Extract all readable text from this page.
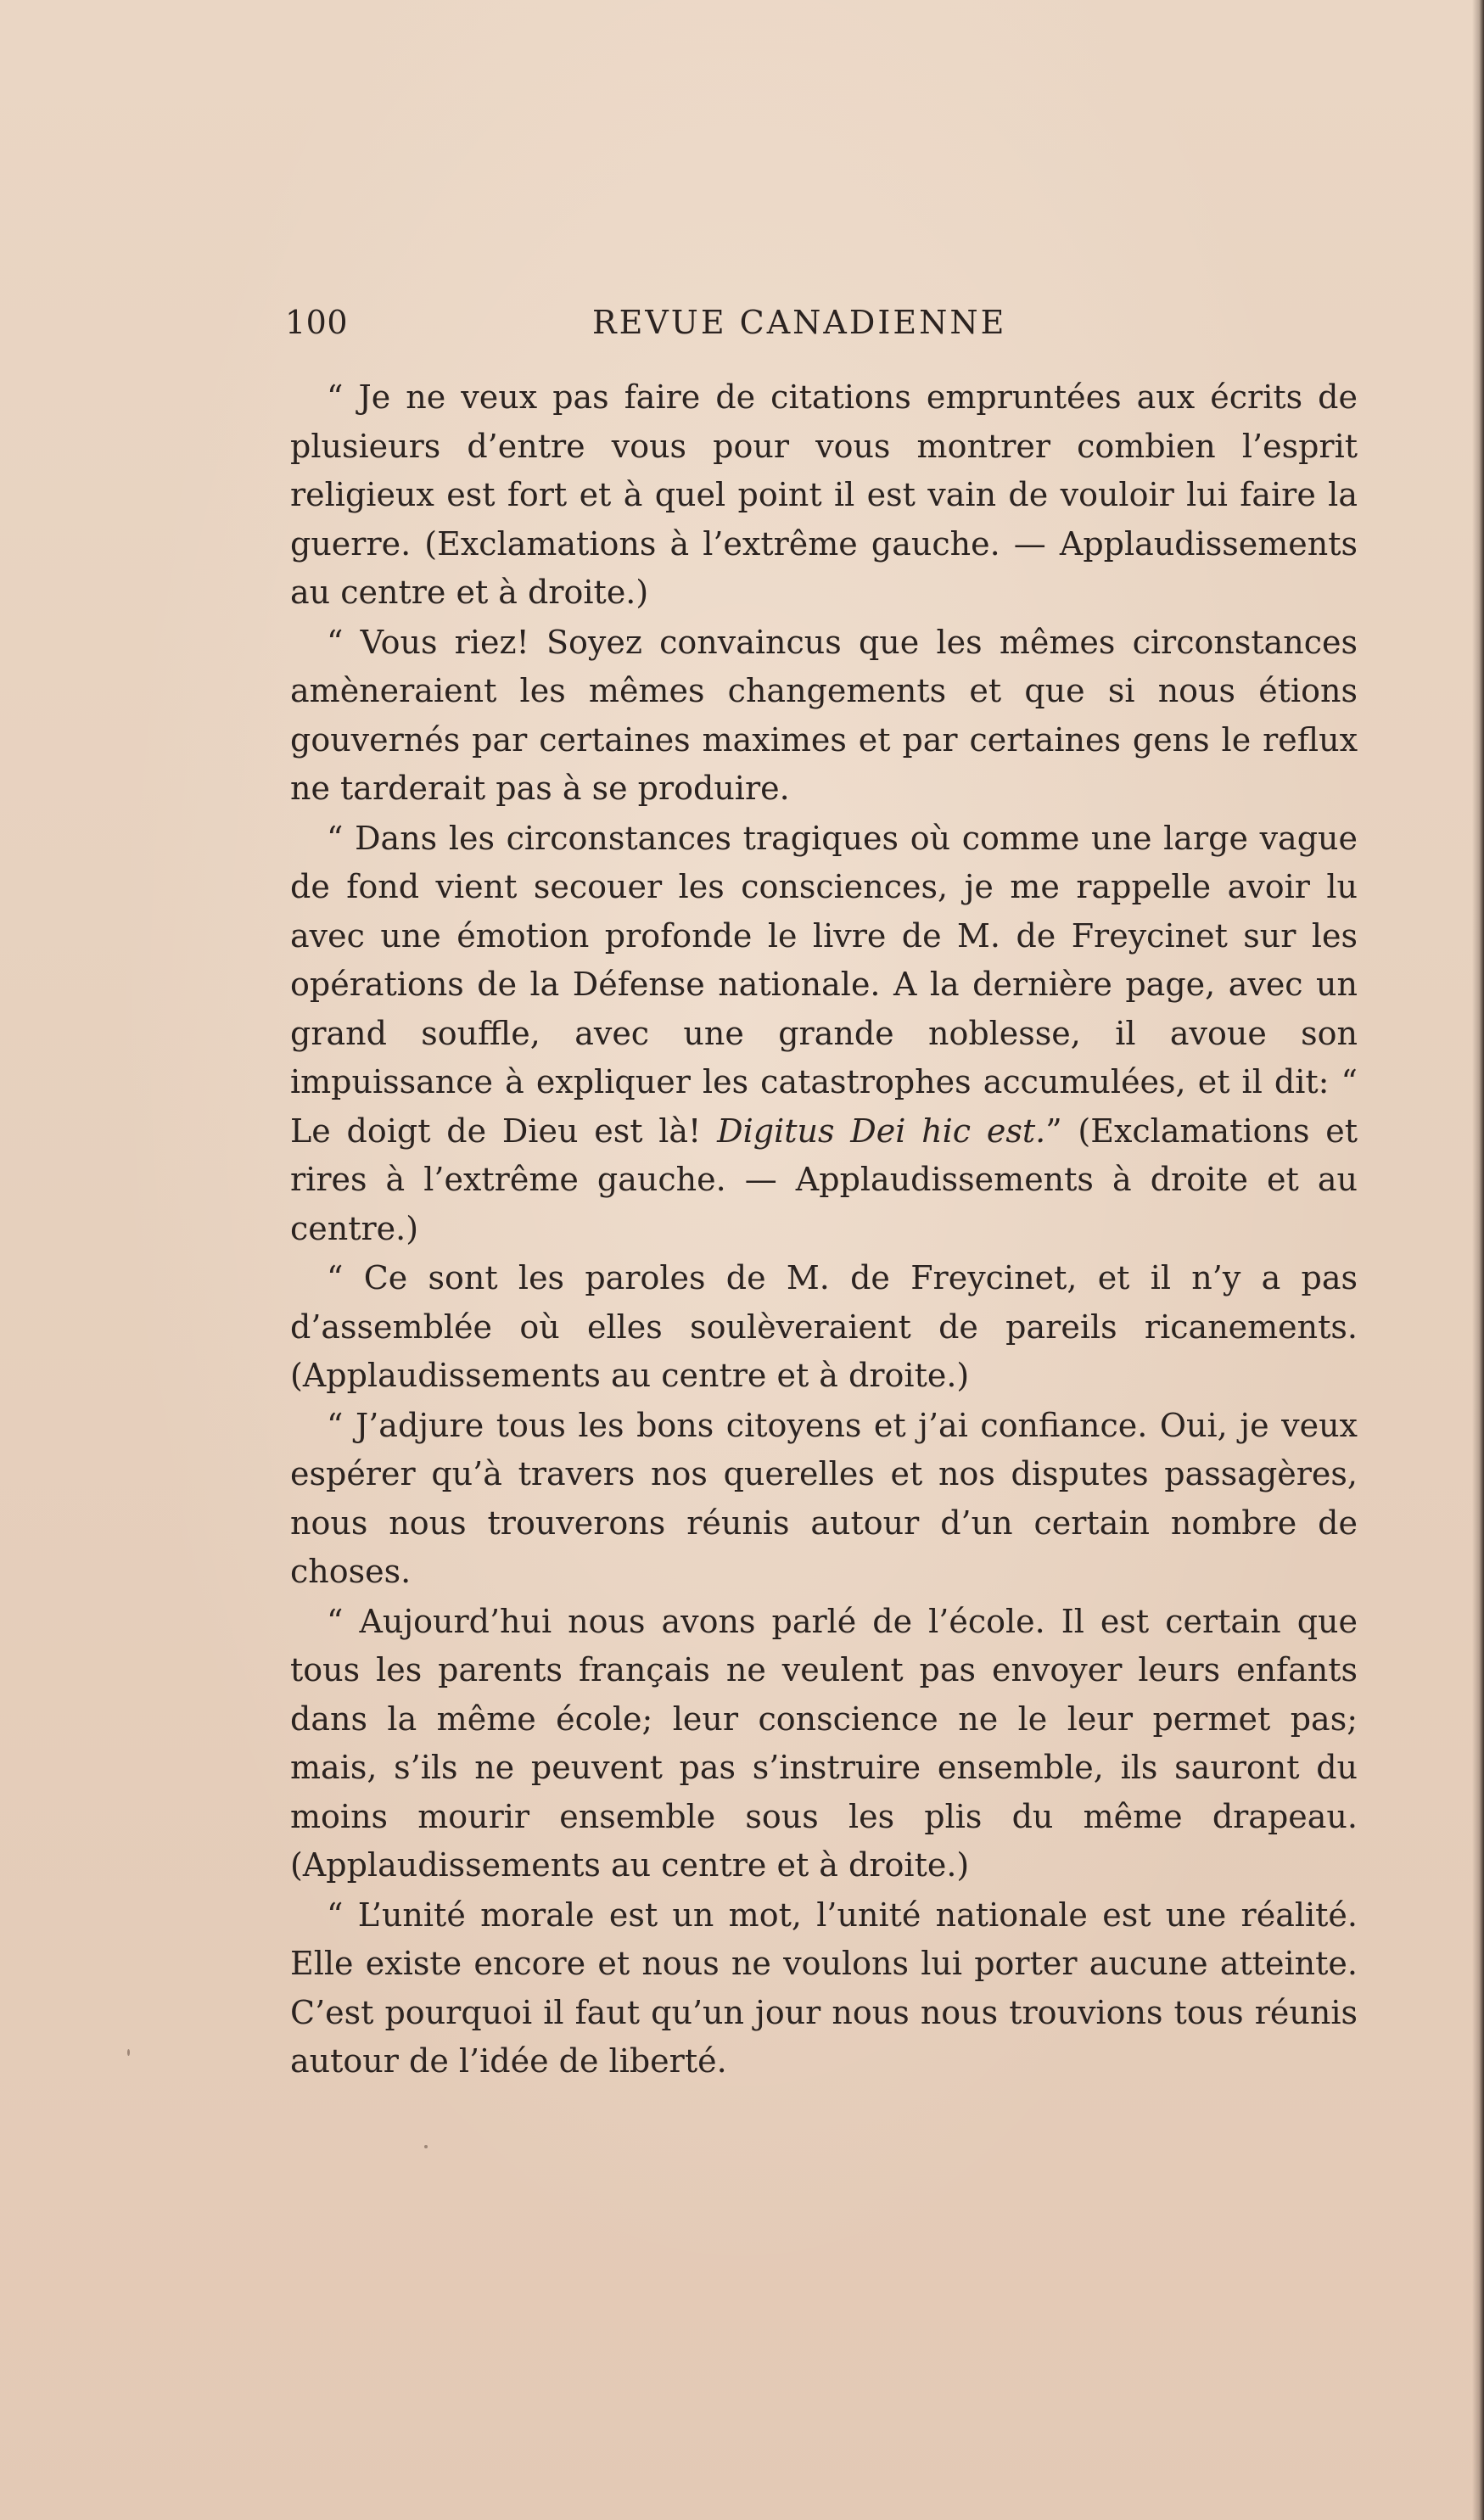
100	REVUE CANADIENNE

“ Je ne veux pas faire de citations empruntées aux écrits de plusieurs d’entre vous pour vous montrer combien l’esprit religieux est fort et à quel point il est vain de vouloir lui faire la guerre. (Exclamations à l’extrême gauche. — Applaudissements au centre et à droite.)

“ Vous riez! Soyez convaincus que les mêmes circonstances amèneraient les mêmes changements et que si nous étions gouvernés par certaines maximes et par certaines gens le reflux ne tarderait pas à se produire.

“ Dans les circonstances tragiques où comme une large vague de fond vient secouer les consciences, je me rappelle avoir lu avec une émotion profonde le livre de M. de Freycinet sur les opérations de la Défense nationale. A la dernière page, avec un grand souffle, avec une grande noblesse, il avoue son impuissance à expliquer les catastrophes accumulées, et il dit: “ Le doigt de Dieu est là! Digitus Dei hic est.” (Exclamations et rires à l’extrême gauche. — Applaudissements à droite et au centre.)

“ Ce sont les paroles de M. de Freycinet, et il n’y a pas d’assemblée où elles soulèveraient de pareils ricanements. (Applaudissements au centre et à droite.)

“ J’adjure tous les bons citoyens et j’ai confiance. Oui, je veux espérer qu’à travers nos querelles et nos disputes passagères, nous nous trouverons réunis autour d’un certain nombre de choses.

“ Aujourd’hui nous avons parlé de l’école. Il est certain que tous les parents français ne veulent pas envoyer leurs enfants dans la même école; leur conscience ne le leur permet pas; mais, s’ils ne peuvent pas s’instruire ensemble, ils sauront du moins mourir ensemble sous les plis du même drapeau. (Applaudissements au centre et à droite.)

“ L’unité morale est un mot, l’unité nationale est une réalité. Elle existe encore et nous ne voulons lui porter aucune atteinte. C’est pourquoi il faut qu’un jour nous nous trouvions tous réunis autour de l’idée de liberté.
